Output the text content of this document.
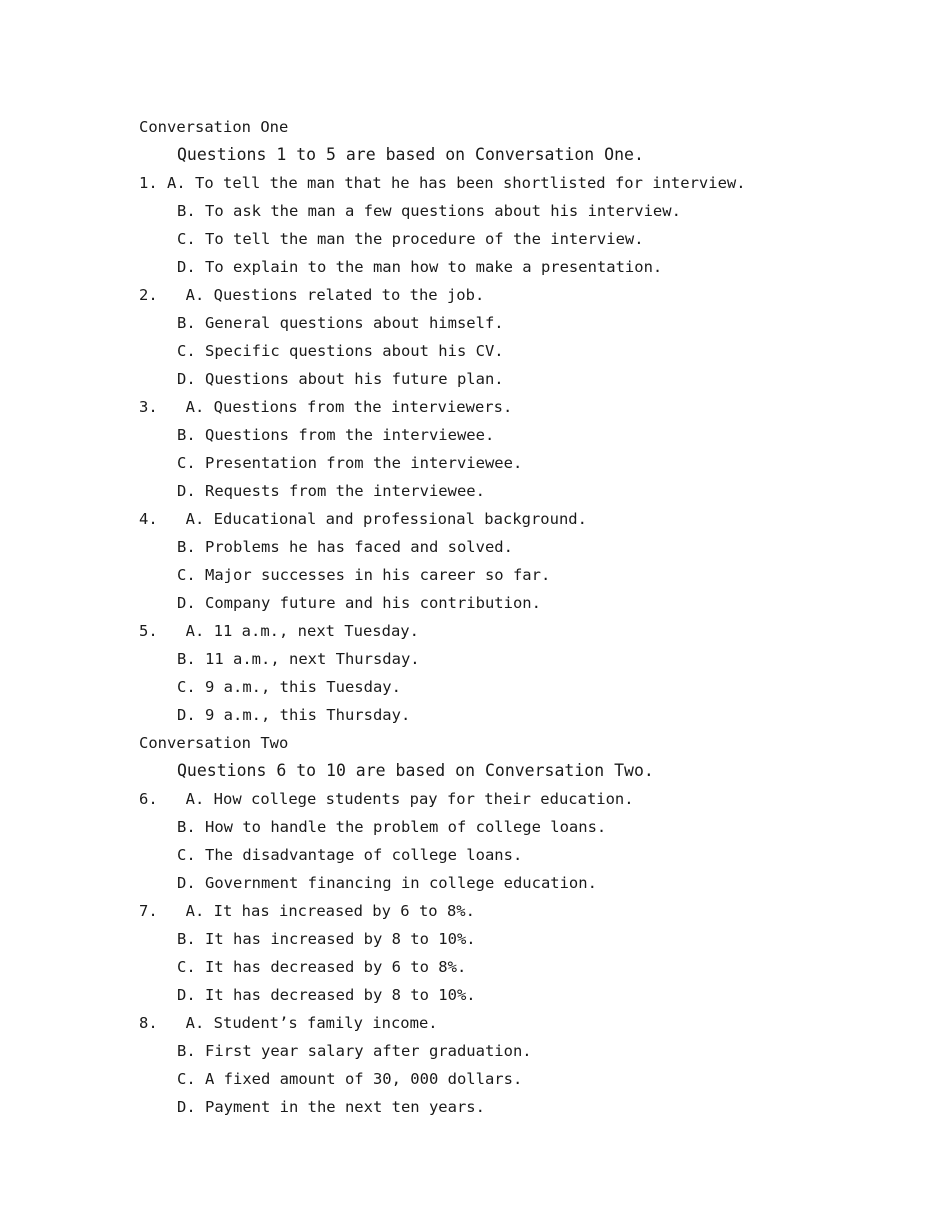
Conversation One
Questions 1 to 5 are based on Conversation One.
1. A. To tell the man that he has been shortlisted for interview.
B. To ask the man a few questions about his interview.
C. To tell the man the procedure of the interview.
D. To explain to the man how to make a presentation.
2. A. Questions related to the job.
B. General questions about himself.
C. Specific questions about his CV.
D. Questions about his future plan.
3. A. Questions from the interviewers.
B. Questions from the interviewee.
C. Presentation from the interviewee.
D. Requests from the interviewee.
4. A. Educational and professional background.
B. Problems he has faced and solved.
C. Major successes in his career so far.
D. Company future and his contribution.
5. A. 11 a.m., next Tuesday.
B. 11 a.m., next Thursday.
C. 9 a.m., this Tuesday.
D. 9 a.m., this Thursday.
Conversation Two
Questions 6 to 10 are based on Conversation Two.
6. A. How college students pay for their education.
B. How to handle the problem of college loans.
C. The disadvantage of college loans.
D. Government financing in college education.
7. A. It has increased by 6 to 8%.
B. It has increased by 8 to 10%.
C. It has decreased by 6 to 8%.
D. It has decreased by 8 to 10%.
8. A. Student’s family income.
B. First year salary after graduation.
C. A fixed amount of 30, 000 dollars.
D. Payment in the next ten years.
